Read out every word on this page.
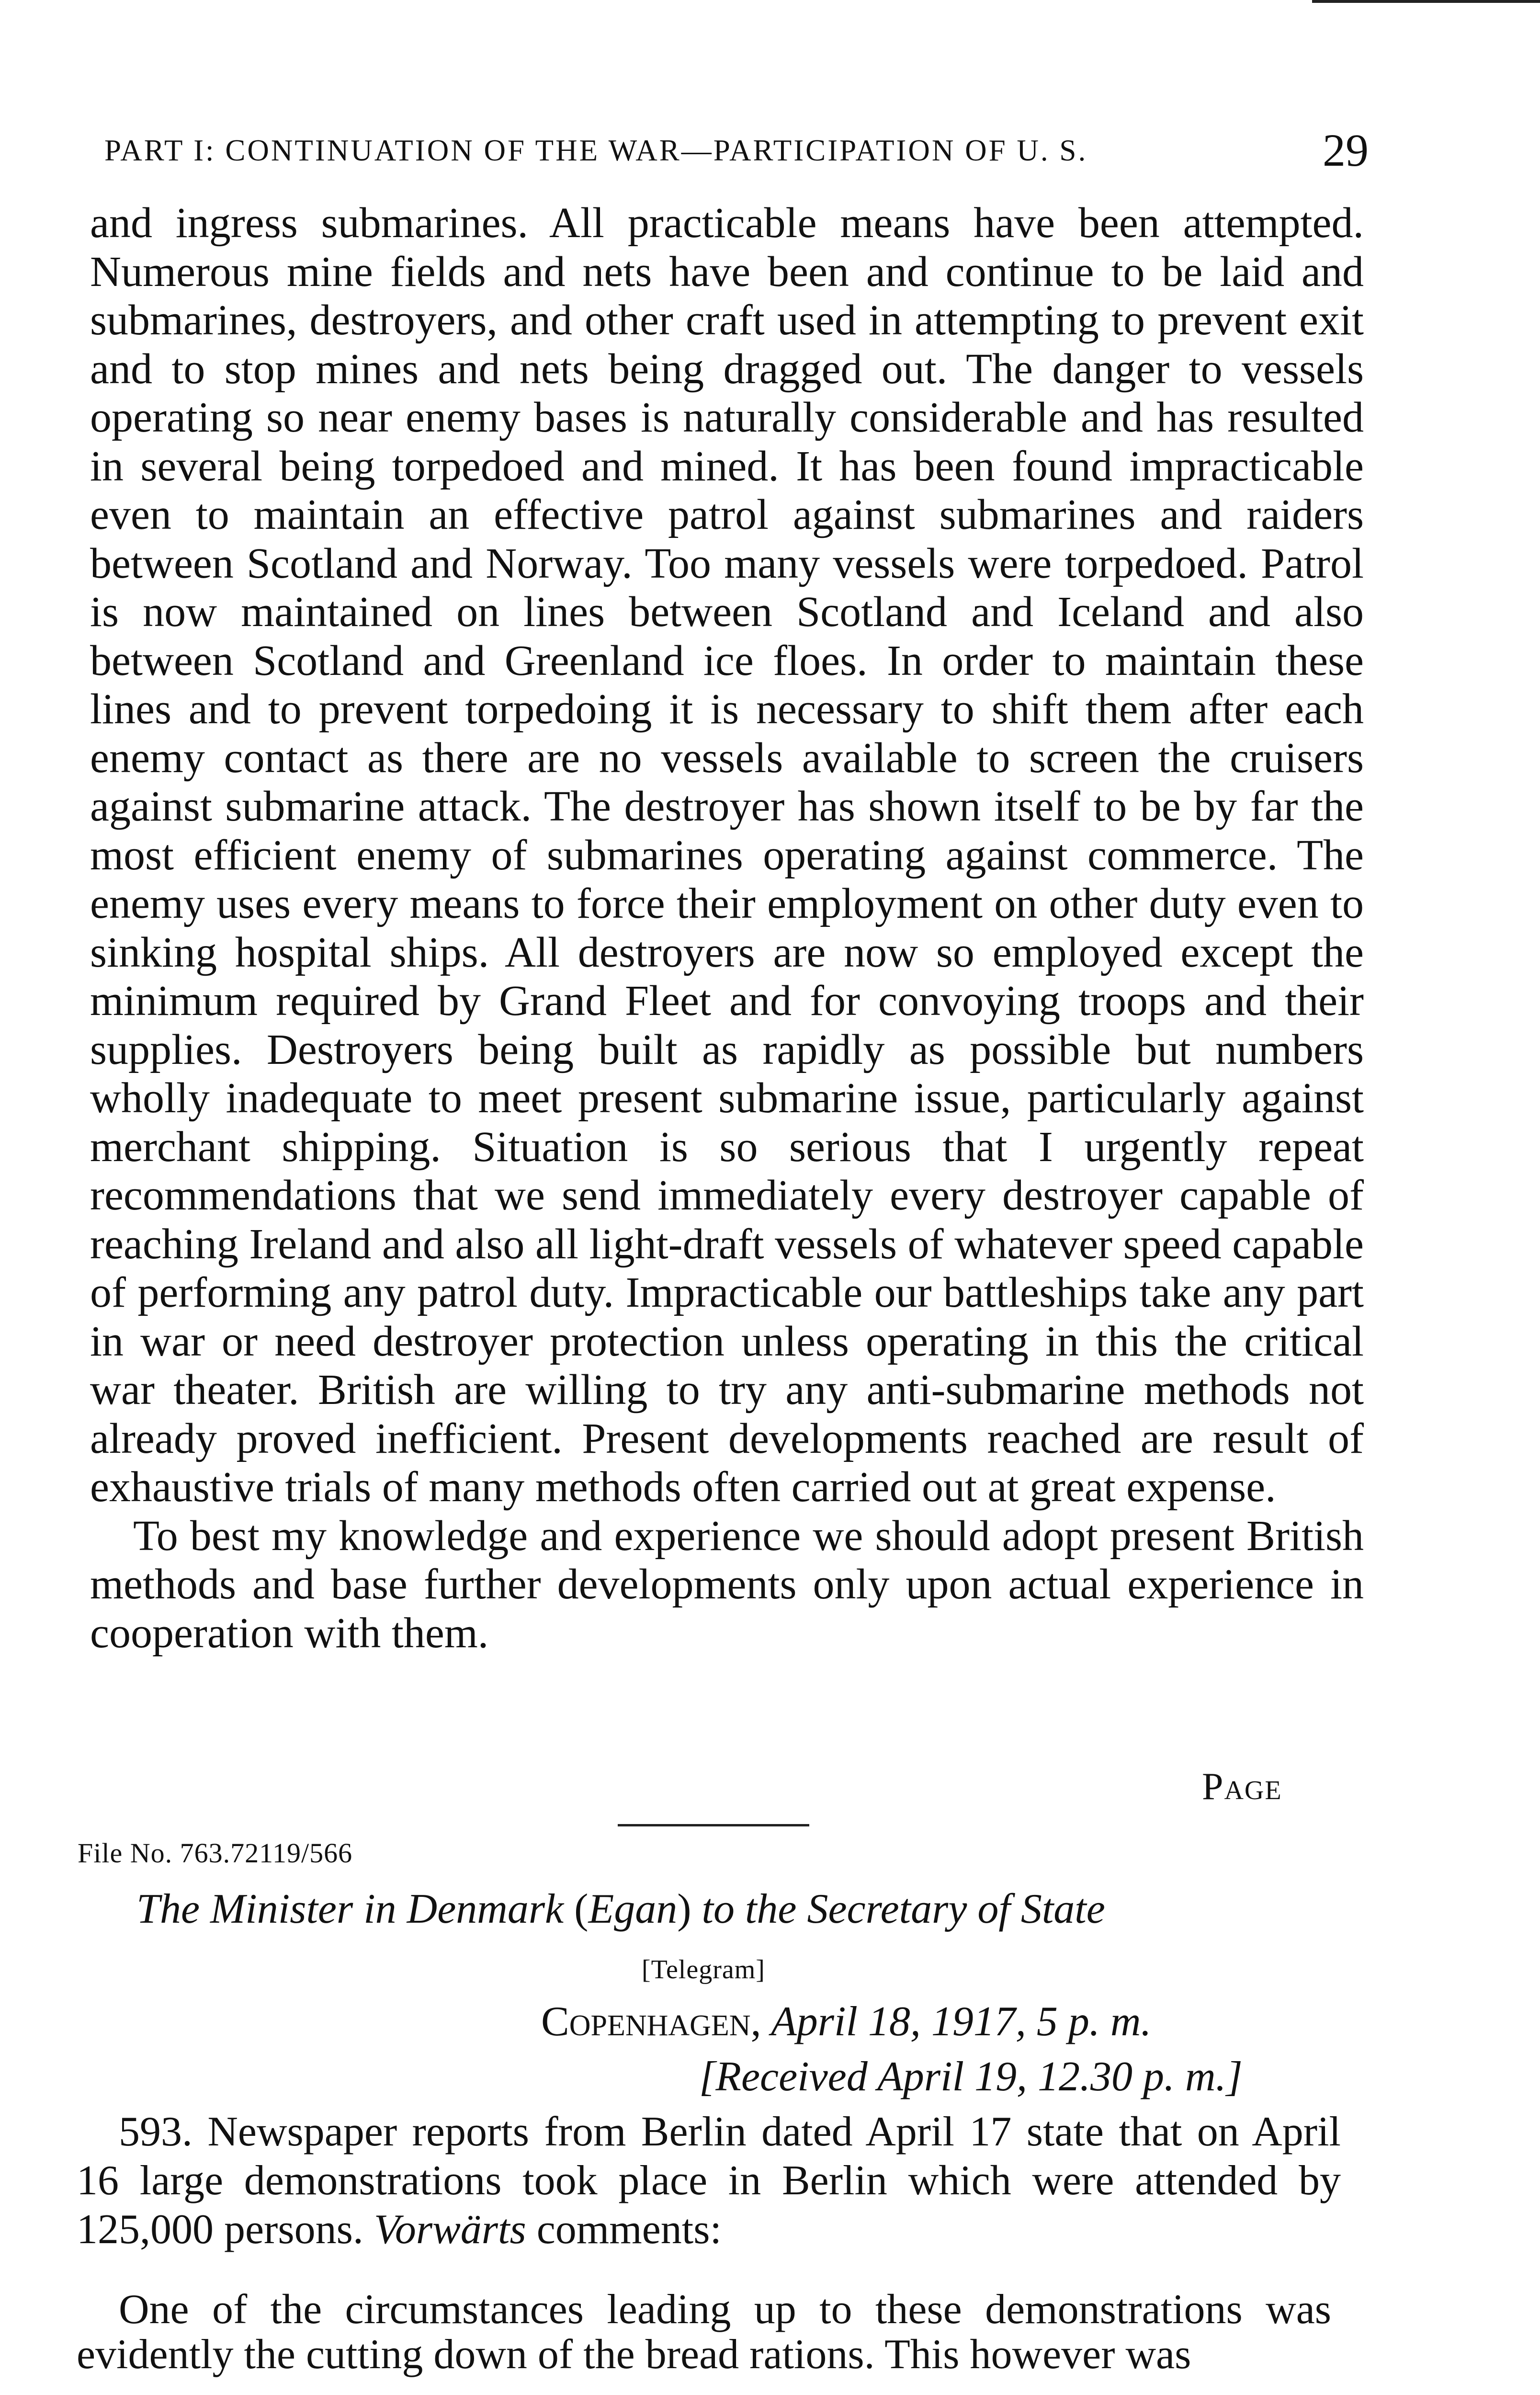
PART I: CONTINUATION OF THE WAR—PARTICIPATION OF U. S.	29

and ingress submarines. All practicable means have been attempted. Numerous mine fields and nets have been and continue to be laid and submarines, destroyers, and other craft used in attempting to prevent exit and to stop mines and nets being dragged out. The danger to vessels operating so near enemy bases is naturally considerable and has resulted in several being torpedoed and mined. It has been found impracticable even to maintain an effective patrol against submarines and raiders between Scotland and Norway. Too many vessels were torpedoed. Patrol is now maintained on lines between Scotland and Iceland and also between Scotland and Greenland ice floes. In order to maintain these lines and to prevent torpedoing it is necessary to shift them after each enemy contact as there are no vessels available to screen the cruisers against submarine attack. The destroyer has shown itself to be by far the most efficient enemy of submarines operating against commerce. The enemy uses every means to force their employment on other duty even to sinking hospital ships. All destroyers are now so employed except the minimum required by Grand Fleet and for convoying troops and their supplies. Destroyers being built as rapidly as possible but numbers wholly inadequate to meet present submarine issue, particularly against merchant shipping. Situation is so serious that I urgently repeat recommendations that we send immediately every destroyer capable of reaching Ireland and also all light-draft vessels of whatever speed capable of performing any patrol duty. Impracticable our battleships take any part in war or need destroyer protection unless operating in this the critical war theater. British are willing to try any anti-submarine methods not already proved inefficient. Present developments reached are result of exhaustive trials of many methods often carried out at great expense.

To best my knowledge and experience we should adopt present British methods and base further developments only upon actual experience in cooperation with them.

Page
File No. 763.72119/566
The Minister in Denmark (Egan) to the Secretary of State
[Telegram]
Copenhagen, April 18, 1917, 5 p. m.
[Received April 19, 12.30 p. m.]

593. Newspaper reports from Berlin dated April 17 state that on April 16 large demonstrations took place in Berlin which were attended by 125,000 persons. Vorwärts comments:

One of the circumstances leading up to these demonstrations was evidently the cutting down of the bread rations. This however was
